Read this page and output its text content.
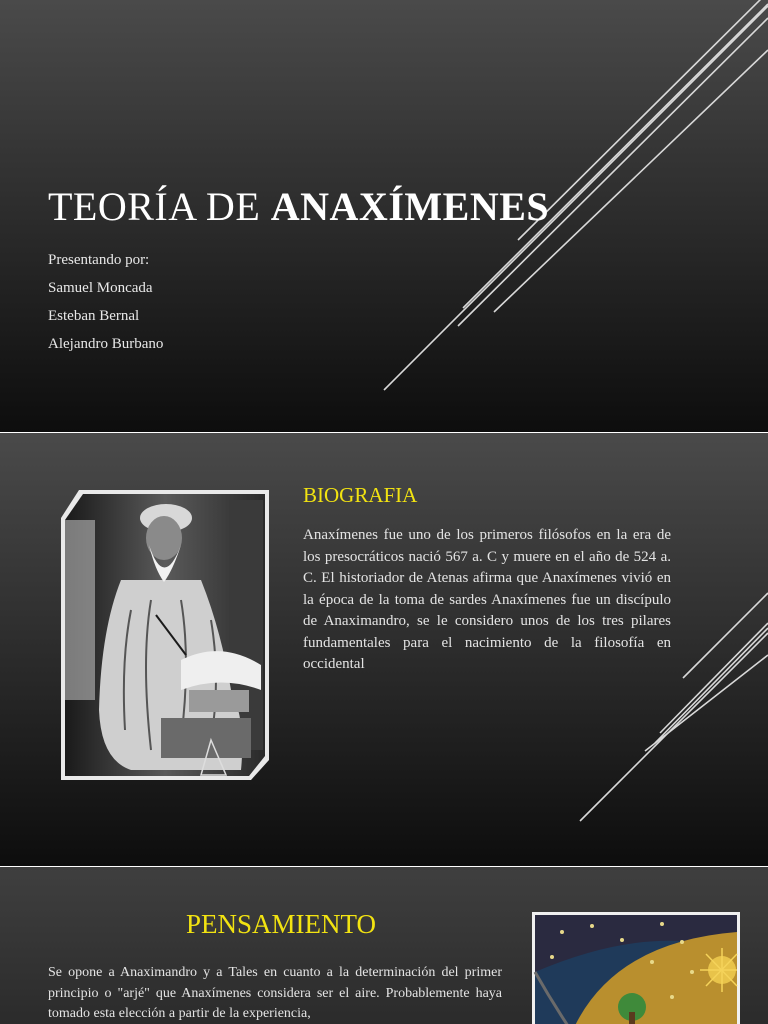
TEORÍA DE ANAXÍMENES
Presentando por:
Samuel Moncada
Esteban Bernal
Alejandro Burbano
BIOGRAFIA

Anaxímenes fue uno de los primeros filósofos en la era de los presocráticos nació 567 a. C y muere en el año de 524 a. C. El historiador de Atenas afirma que Anaxímenes vivió en la época de la toma de sardes Anaxímenes fue un discípulo de Anaximandro, se le considero unos de los tres pilares fundamentales para el nacimiento de la filosofía en occidental

PENSAMIENTO

Se opone a Anaximandro y a Tales en cuanto a la determinación del primer principio o "arjé" que Anaxímenes considera ser el aire. Probablemente haya tomado esta elección a partir de la experiencia,
